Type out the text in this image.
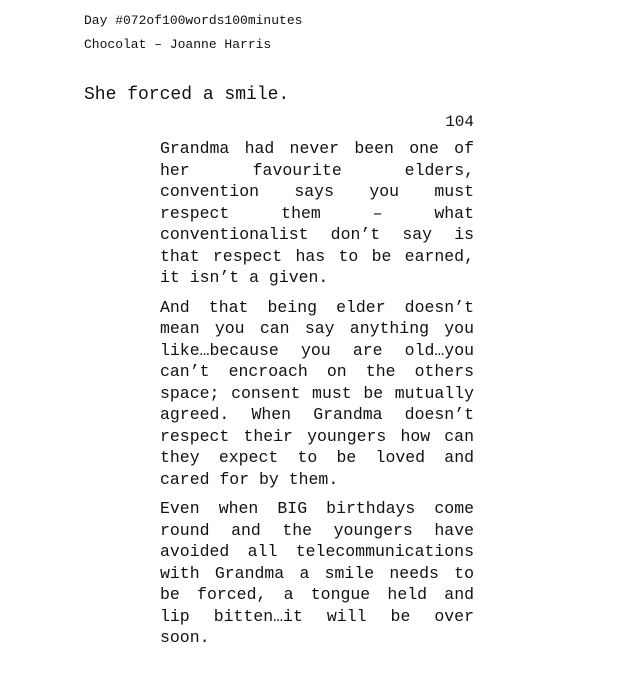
Day #072of100words100minutes
Chocolat – Joanne Harris
She forced a smile.
104

Grandma had never been one of her favourite elders, convention says you must respect them – what conventionalist don’t say is that respect has to be earned, it isn’t a given.

And that being elder doesn’t mean you can say anything you like…because you are old…you can’t encroach on the others space; consent must be mutually agreed. When Grandma doesn’t respect their youngers how can they expect to be loved and cared for by them.

Even when BIG birthdays come round and the youngers have avoided all telecommunications with Grandma a smile needs to be forced, a tongue held and lip bitten…it will be over soon.
